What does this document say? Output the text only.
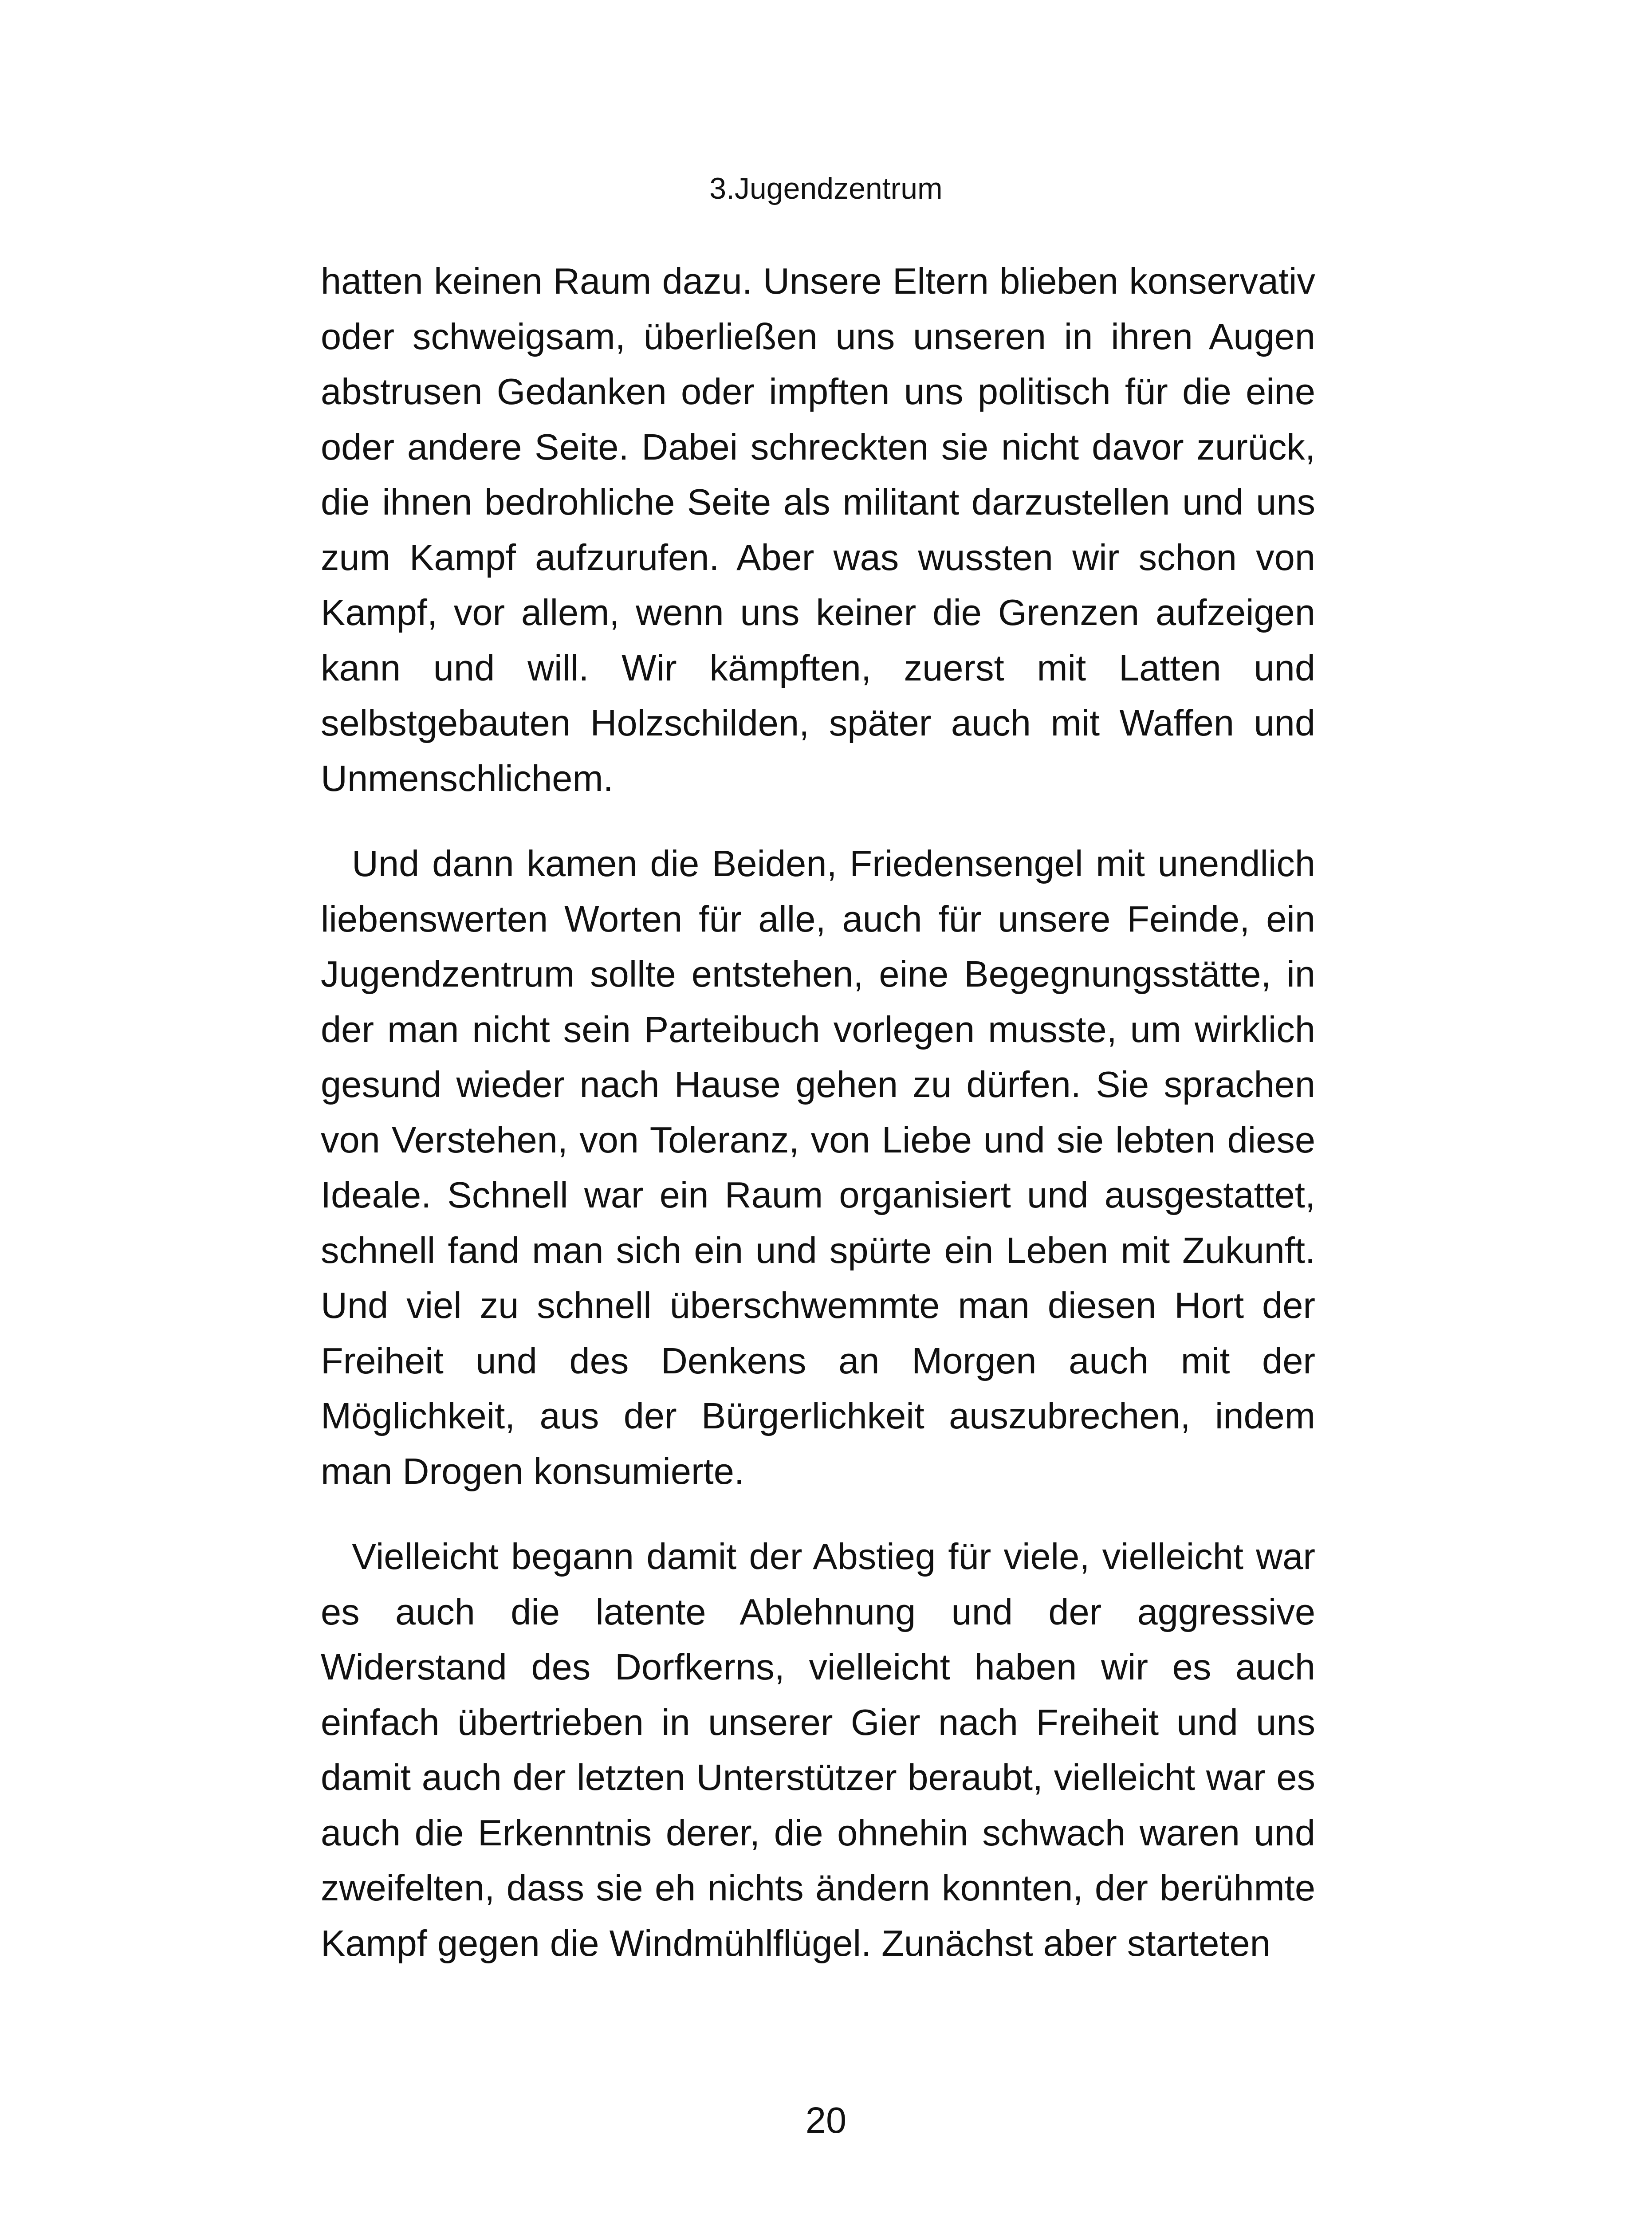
3.Jugendzentrum

hatten keinen Raum dazu. Unsere Eltern blieben konservativ oder schweigsam, überließen uns unseren in ihren Augen abstrusen Gedanken oder impften uns politisch für die eine oder andere Seite. Dabei schreckten sie nicht davor zurück, die ihnen bedrohliche Seite als militant darzustellen und uns zum Kampf aufzurufen. Aber was wussten wir schon von Kampf, vor allem, wenn uns keiner die Grenzen aufzeigen kann und will. Wir kämpften, zuerst mit Latten und selbstgebauten Holzschilden, später auch mit Waffen und Unmenschlichem.

Und dann kamen die Beiden, Friedensengel mit unendlich liebenswerten Worten für alle, auch für unsere Feinde, ein Jugendzentrum sollte entstehen, eine Begegnungsstätte, in der man nicht sein Parteibuch vorlegen musste, um wirklich gesund wieder nach Hause gehen zu dürfen. Sie sprachen von Verstehen, von Toleranz, von Liebe und sie lebten diese Ideale. Schnell war ein Raum organisiert und ausgestattet, schnell fand man sich ein und spürte ein Leben mit Zukunft. Und viel zu schnell überschwemmte man diesen Hort der Freiheit und des Denkens an Morgen auch mit der Möglichkeit, aus der Bürgerlichkeit auszubrechen, indem man Drogen konsumierte.

Vielleicht begann damit der Abstieg für viele, vielleicht war es auch die latente Ablehnung und der aggressive Widerstand des Dorfkerns, vielleicht haben wir es auch einfach übertrieben in unserer Gier nach Freiheit und uns damit auch der letzten Unterstützer beraubt, vielleicht war es auch die Erkenntnis derer, die ohnehin schwach waren und zweifelten, dass sie eh nichts ändern konnten, der berühmte Kampf gegen die Windmühlflügel. Zunächst aber starteten

20
